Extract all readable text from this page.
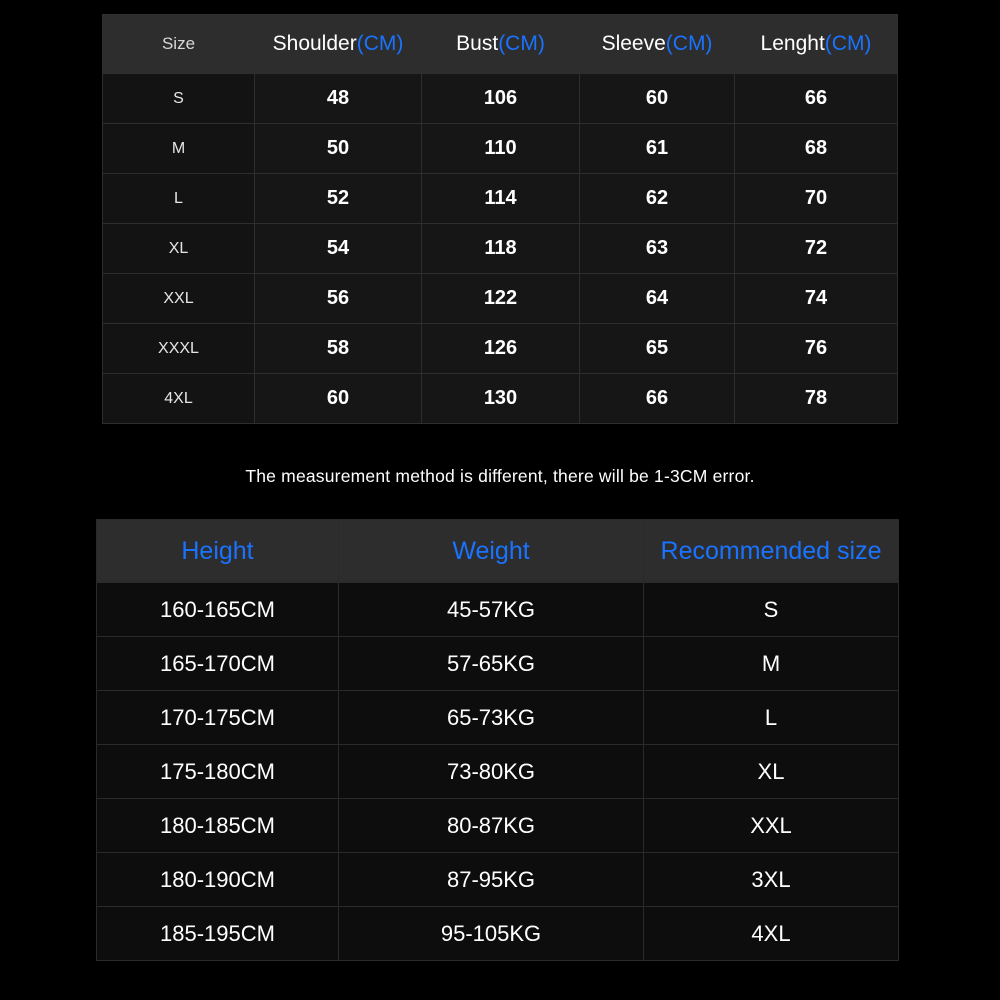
Size	Shoulder(CM)	Bust(CM)	Sleeve(CM)	Lenght(CM)
S	48	106	60	66
M	50	110	61	68
L	52	114	62	70
XL	54	118	63	72
XXL	56	122	64	74
XXXL	58	126	65	76
4XL	60	130	66	78
The measurement method is different, there will be 1-3CM error.
Height	Weight	Recommended size
160-165CM	45-57KG	S
165-170CM	57-65KG	M
170-175CM	65-73KG	L
175-180CM	73-80KG	XL
180-185CM	80-87KG	XXL
180-190CM	87-95KG	3XL
185-195CM	95-105KG	4XL
